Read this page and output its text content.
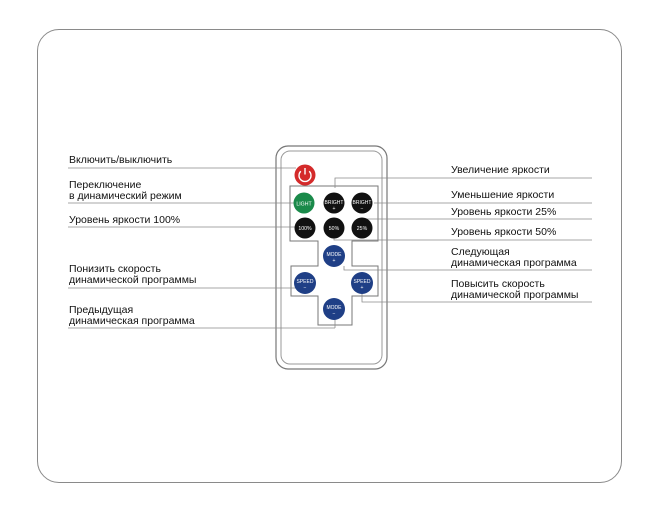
LIGHT	BRIGHT
+
BRIGHT
−
100%	50%	25%
MODE
+
SPEED
−
SPEED
+
MODE
−
Включить/выключить
Переключение
в динамический режим
Уровень яркости 100%
Понизить скорость
динамической программы
Предыдущая
динамическая программа
Увеличение яркости
Уменьшение яркости
Уровень яркости 25%
Уровень яркости 50%
Следующая
динамическая программа
Повысить скорость
динамической программы
